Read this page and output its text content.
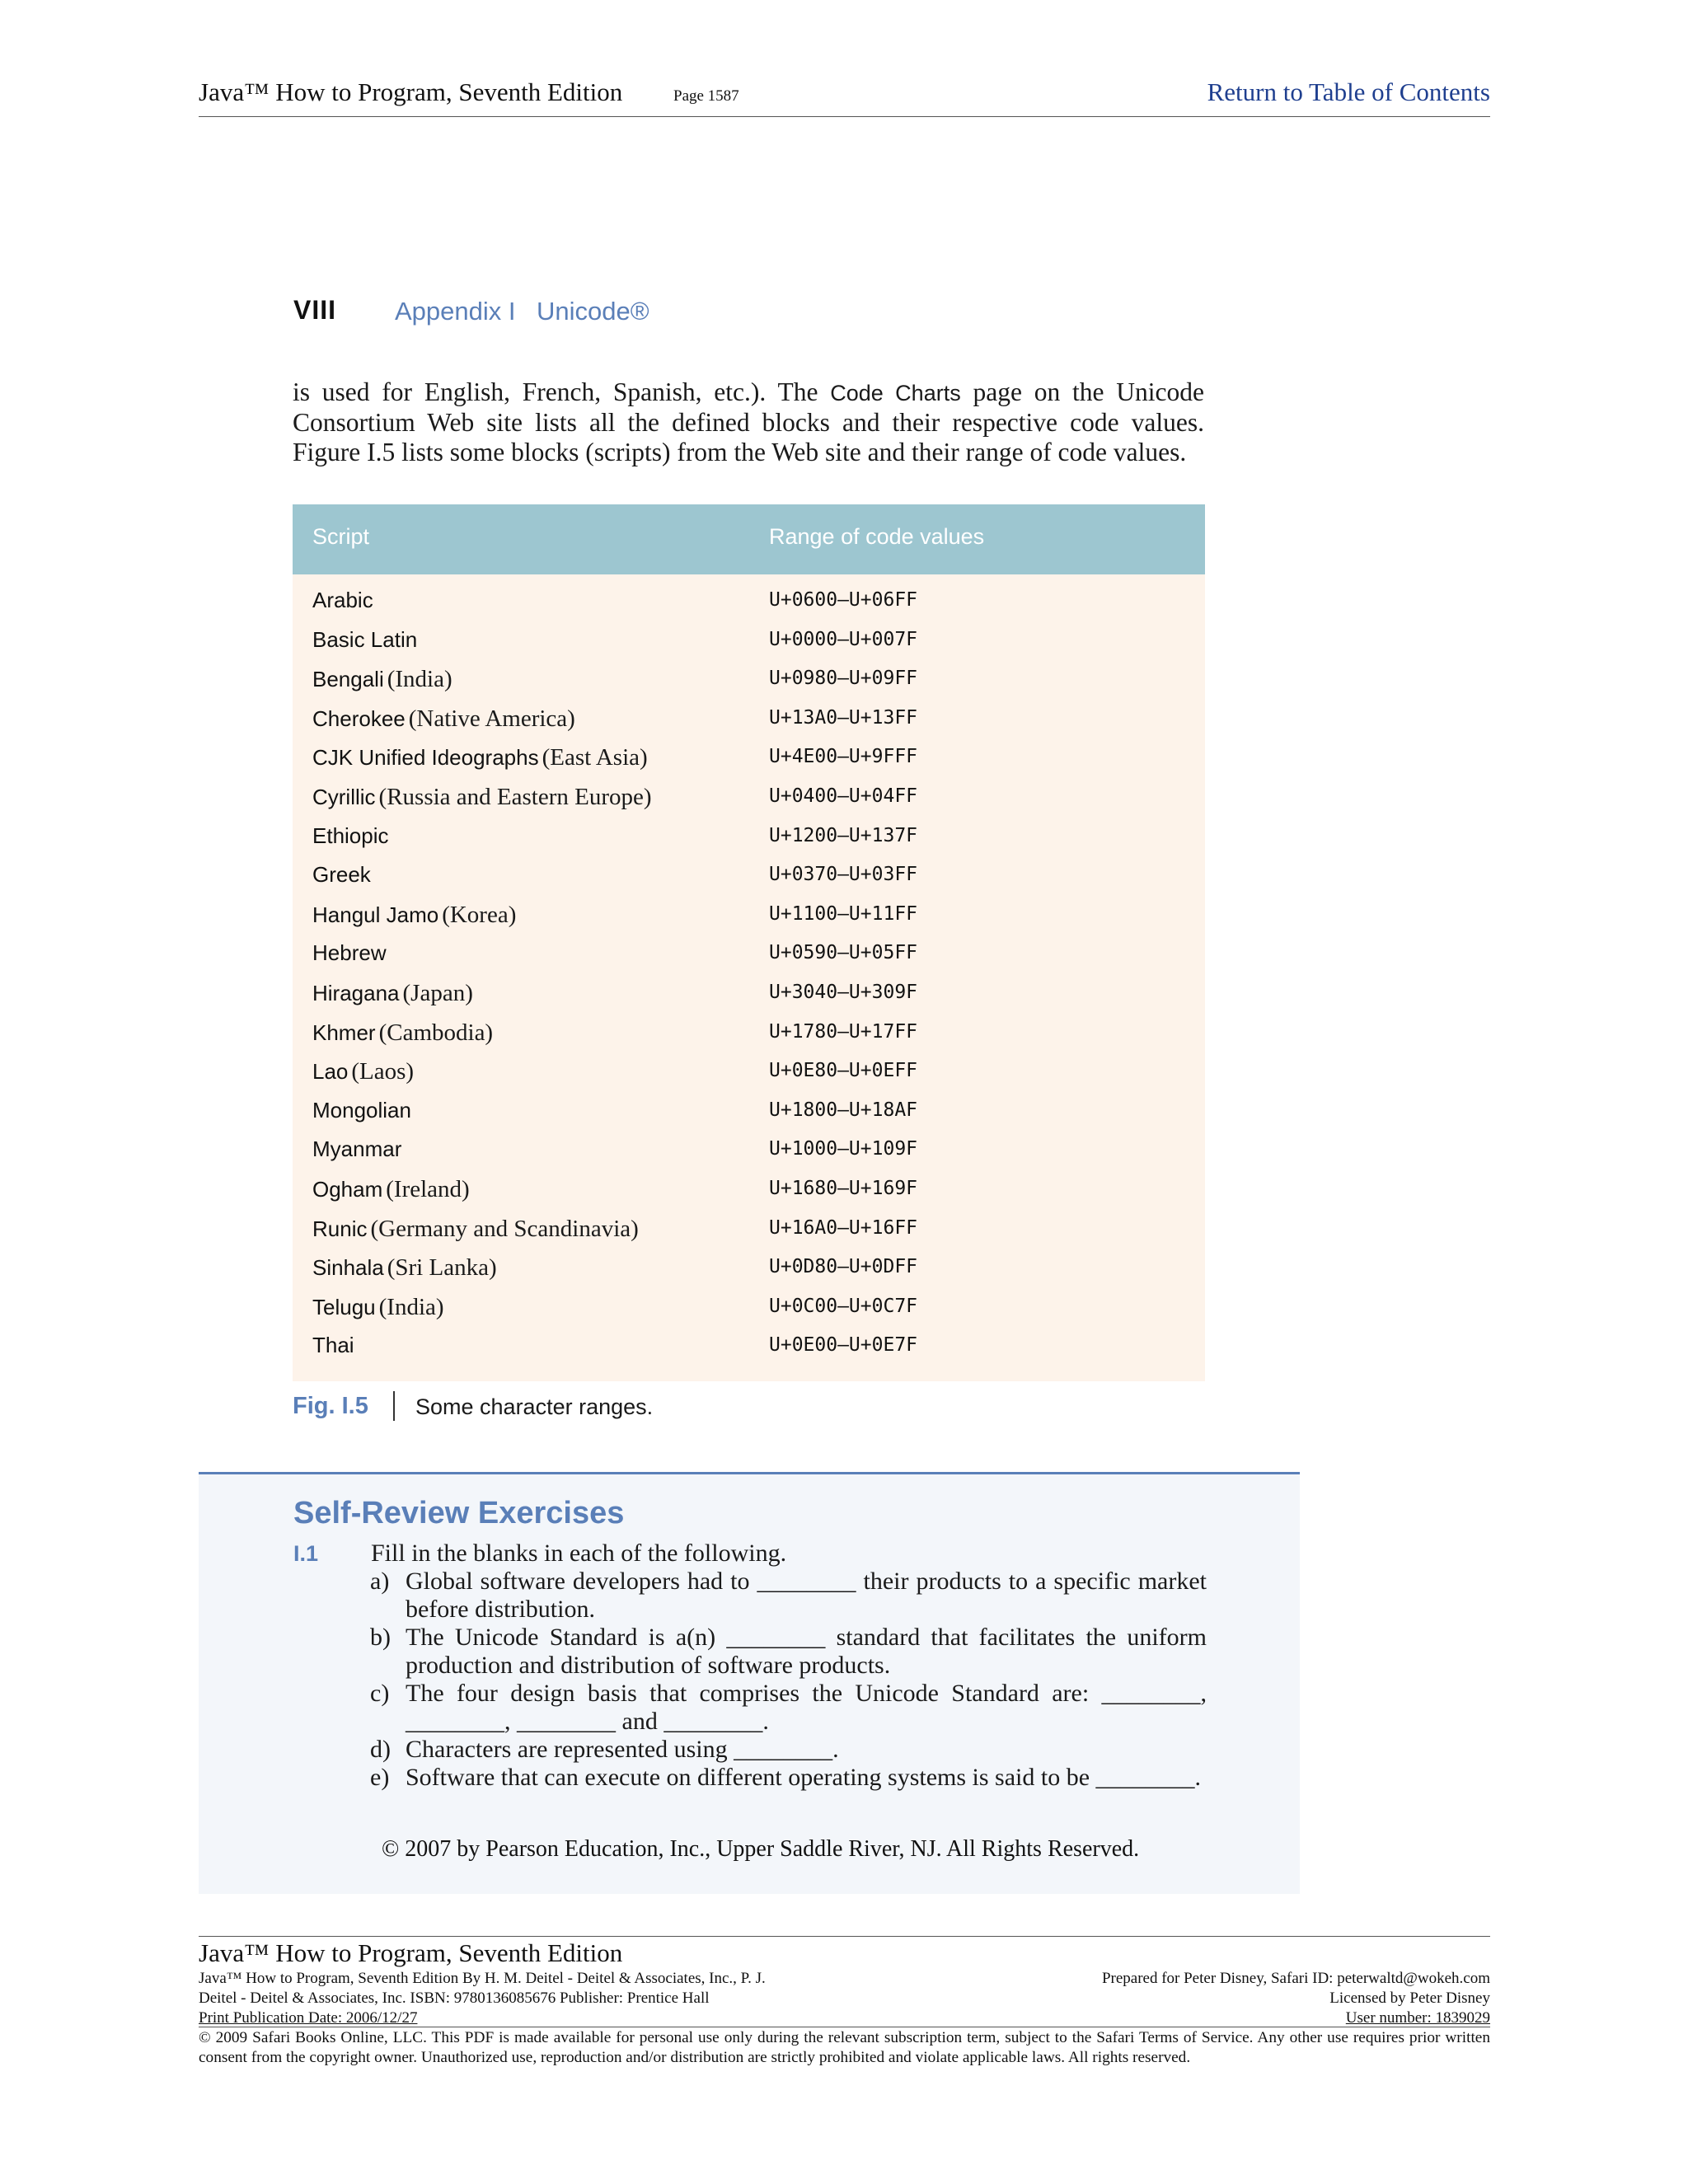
Java™ How to Program, Seventh Edition	Page 1587	Return to Table of Contents
VIII Appendix I Unicode®
is used for English, French, Spanish, etc.). The Code Charts page on the Unicode Consortium Web site lists all the defined blocks and their respective code values. Figure I.5 lists some blocks (scripts) from the Web site and their range of code values.
Script	Range of code values
Arabic	U+0600–U+06FF
Basic Latin	U+0000–U+007F
Bengali (India)	U+0980–U+09FF
Cherokee (Native America)	U+13A0–U+13FF
CJK Unified Ideographs (East Asia)	U+4E00–U+9FFF
Cyrillic (Russia and Eastern Europe)	U+0400–U+04FF
Ethiopic	U+1200–U+137F
Greek	U+0370–U+03FF
Hangul Jamo (Korea)	U+1100–U+11FF
Hebrew	U+0590–U+05FF
Hiragana (Japan)	U+3040–U+309F
Khmer (Cambodia)	U+1780–U+17FF
Lao (Laos)	U+0E80–U+0EFF
Mongolian	U+1800–U+18AF
Myanmar	U+1000–U+109F
Ogham (Ireland)	U+1680–U+169F
Runic (Germany and Scandinavia)	U+16A0–U+16FF
Sinhala (Sri Lanka)	U+0D80–U+0DFF
Telugu (India)	U+0C00–U+0C7F
Thai	U+0E00–U+0E7F
Fig. I.5 Some character ranges.
Self-Review Exercises
I.1 Fill in the blanks in each of the following.
a) Global software developers had to ________ their products to a specific market before distribution.
b) The Unicode Standard is a(n) ________ standard that facilitates the uniform production and distribution of software products.
c) The four design basis that comprises the Unicode Standard are: ________, ________, ________ and ________.
d) Characters are represented using ________.
e) Software that can execute on different operating systems is said to be ________.
© 2007 by Pearson Education, Inc., Upper Saddle River, NJ. All Rights Reserved.
Java™ How to Program, Seventh Edition
Java™ How to Program, Seventh Edition By H. M. Deitel - Deitel & Associates, Inc., P. J.
Deitel - Deitel & Associates, Inc. ISBN: 9780136085676 Publisher: Prentice Hall
Print Publication Date: 2006/12/27
Prepared for Peter Disney, Safari ID: peterwaltd@wokeh.com
Licensed by Peter Disney
User number: 1839029
© 2009 Safari Books Online, LLC. This PDF is made available for personal use only during the relevant subscription term, subject to the Safari Terms of Service. Any other use requires prior written consent from the copyright owner. Unauthorized use, reproduction and/or distribution are strictly prohibited and violate applicable laws. All rights reserved.
